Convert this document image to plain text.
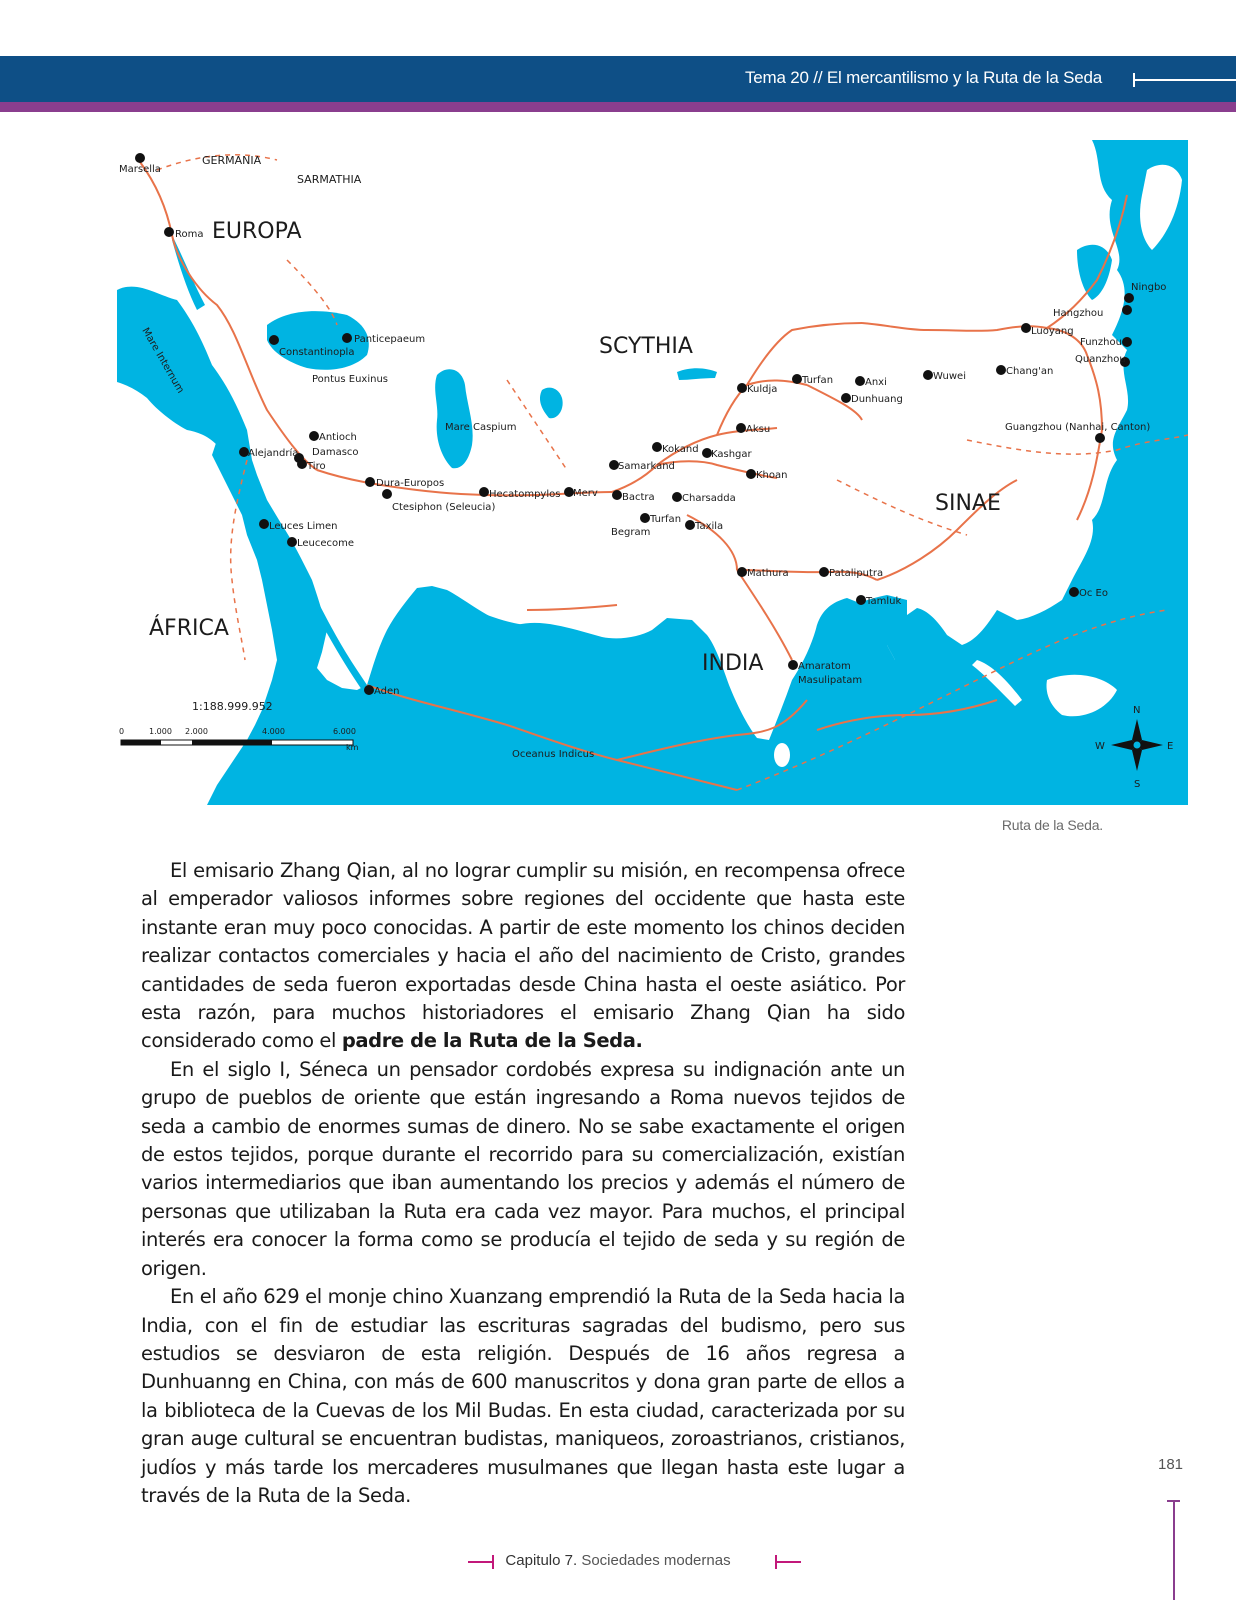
Tema 20 // El mercantilismo y la Ruta de la Seda
1:188.999.952
0	1.000 2.000	4.000	6.000
km
N
S
E
W
EUROPA
SCYTHIA
SINAE
INDIA
ÁFRICA
GERMANIA
SARMATHIA
Mare Internum	Pontus Euxinus
Mare Caspium
Oceanus Indicus
Marsella
Roma
Panticepaeum
Constantinopla
Antioch
Damasco
Alejandría
Tiro
Leuces Limen
Leucecome
Dura-Europos
Ctesiphon (Seleucia)
Hecatompylos Merv Bactra
Samarkand
Kokand Kashgar
Aksu
Kuldja
Turfan	Anxi
Dunhuang
Wuwei	Chang'an
Luoyang
Hangzhou
Ningbo
Funzhou
Quanzhou
Guangzhou (Nanhai, Canton)
Khoan
Charsadda
Turfan
Begram
Taxila
Mathura	Pataliputra
Tamluk
Oc Eo
Amaratom
Masulipatam
Aden
Ruta de la Seda.

El emisario Zhang Qian, al no lograr cumplir su misión, en recompensa ofrece al emperador valiosos informes sobre regiones del occidente que hasta este instante eran muy poco conocidas. A partir de este momento los chinos deciden realizar contactos comerciales y hacia el año del nacimiento de Cristo, grandes cantidades de seda fueron exportadas desde China hasta el oeste asiático. Por esta razón, para muchos historiadores el emisario Zhang Qian ha sido considerado como el padre de la Ruta de la Seda.

En el siglo I, Séneca un pensador cordobés expresa su indignación ante un grupo de pueblos de oriente que están ingresando a Roma nuevos tejidos de seda a cambio de enormes sumas de dinero. No se sabe exactamente el origen de estos tejidos, porque durante el recorrido para su comercialización, existían varios intermediarios que iban aumentando los precios y además el número de personas que utilizaban la Ruta era cada vez mayor. Para muchos, el principal interés era conocer la forma como se producía el tejido de seda y su región de origen.

En el año 629 el monje chino Xuanzang emprendió la Ruta de la Seda hacia la India, con el fin de estudiar las escrituras sagradas del budismo, pero sus estudios se desviaron de esta religión. Después de 16 años regresa a Dunhuanng en China, con más de 600 manuscritos y dona gran parte de ellos a la biblioteca de la Cuevas de los Mil Budas. En esta ciudad, caracterizada por su gran auge cultural se encuentran budistas, maniqueos, zoroastrianos, cristianos, judíos y más tarde los mercaderes musulmanes que llegan hasta este lugar a través de la Ruta de la Seda.

181
Capitulo 7. Sociedades modernas
